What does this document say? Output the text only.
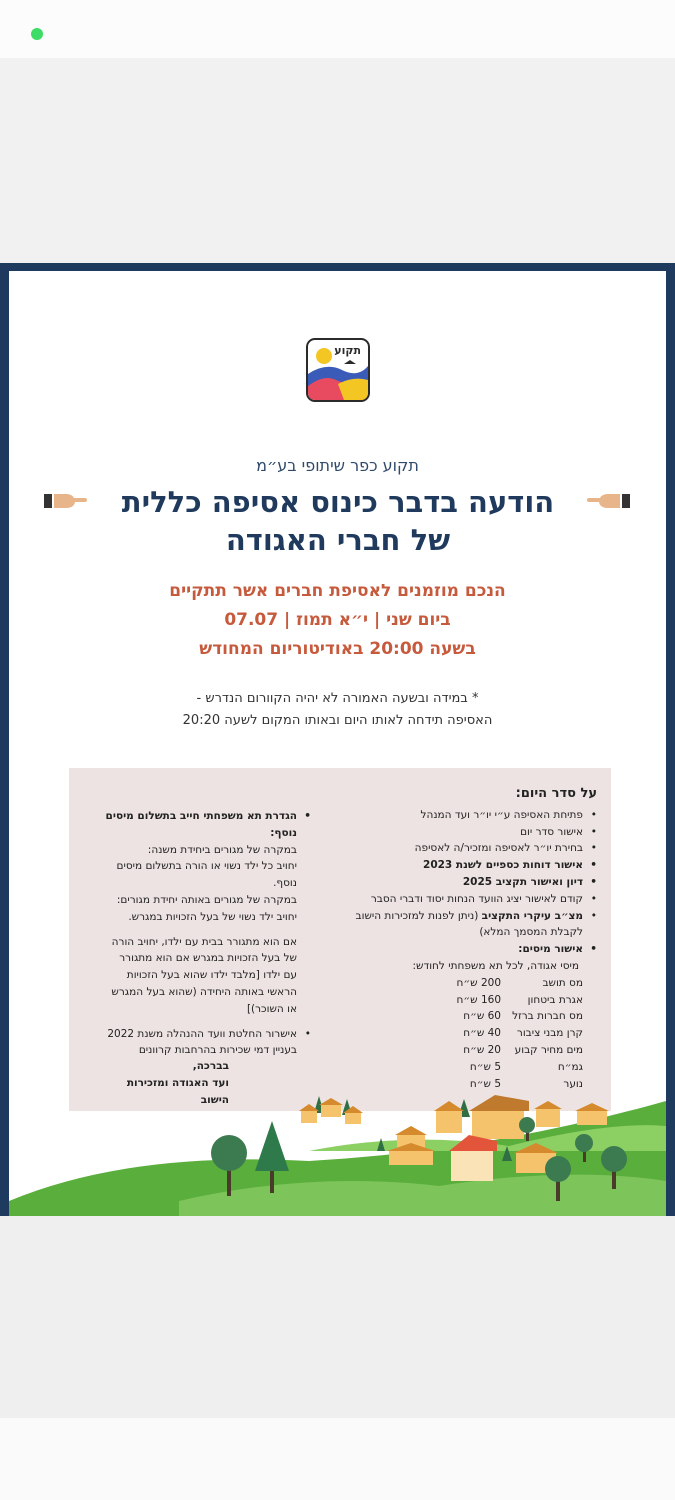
תקוע
תקוע כפר שיתופי בע״מ
הודעה בדבר כינוס אסיפה כללית
של חברי האגודה
הנכם מוזמנים לאסיפת חברים אשר תתקיים
ביום שני | י״א תמוז | 07.07
בשעה 20:00 באודיטוריום המחודש
* במידה ובשעה האמורה לא יהיה הקוורום הנדרש -
האסיפה תידחה לאותו היום ובאותו המקום לשעה 20:20
על סדר היום:
• פתיחת האסיפה ע״י יו״ר ועד המנהל
• אישור סדר יום
• בחירת יו״ר לאסיפה ומזכיר/ה לאסיפה
• אישור דוחות כספיים לשנת 2023
• דיון ואישור תקציב 2025
• קודם לאישור יציג הוועד הנחות יסוד ודברי הסבר
• מצ״ב עיקרי התקציב (ניתן לפנות למזכירות הישוב לקבלת המסמך המלא)
• אישור מיסים:
מיסי אגודה, לכל תא משפחתי לחודש:
מס תושב
200 ש״ח
אגרת ביטחון
160 ש״ח
מס חברות ברזל
60 ש״ח
קרן מבני ציבור
40 ש״ח
מים מחיר קבוע
20 ש״ח
גמ״ח
5 ש״ח
נוער
5 ש״ח
• הגדרת תא משפחתי חייב בתשלום מיסים נוסף:
במקרה של מגורים ביחידת משנה:
יחויב כל ילד נשוי או הורה בתשלום מיסים נוסף.
במקרה של מגורים באותה יחידת מגורים:
יחויב ילד נשוי של בעל הזכויות במגרש.
אם הוא מתגורר בבית עם ילדו, יחויב הורה של בעל הזכויות במגרש אם הוא מתגורר עם ילדו [מלבד ילדו שהוא בעל הזכויות הראשי באותה היחידה (שהוא בעל המגרש או השוכר)]
• אישרור החלטת וועד ההנהלה משנת 2022 בעניין דמי שכירות בהרחבות קרוונים
בברכה,
ועד האגודה ומזכירות הישוב
